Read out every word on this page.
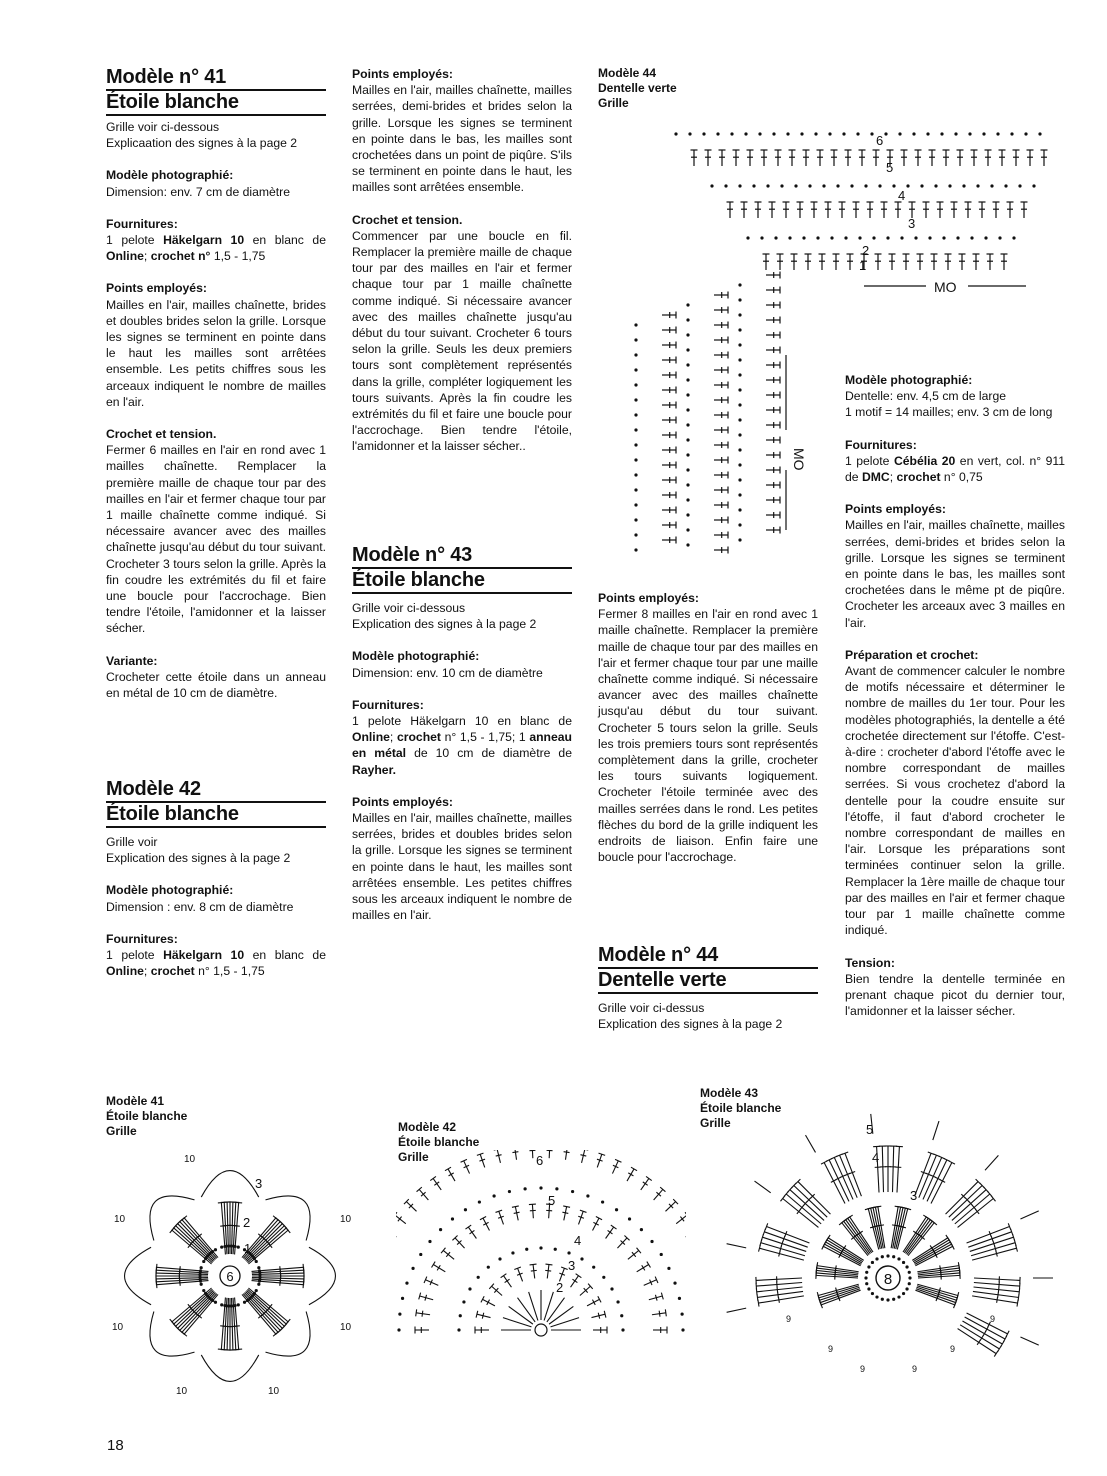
Modèle n° 41
Étoile blanche

Grille voir ci-dessous

Explicaation des signes à la page 2

Modèle photographié:

Dimension: env. 7 cm de diamètre

Fournitures:

1 pelote Häkelgarn 10 en blanc de Online; crochet n° 1,5 - 1,75

Points employés:

Mailles en l'air, mailles chaînette, brides et doubles brides selon la grille. Lorsque les signes se terminent en pointe dans le haut les mailles sont arrêtées ensemble. Les petits chiffres sous les arceaux indiquent le nombre de mailles en l'air.

Crochet et tension.

Fermer 6 mailles en l'air en rond avec 1 mailles chaînette. Remplacer la première maille de chaque tour par des mailles en l'air et fermer chaque tour par 1 maille chaînette comme indiqué. Si nécessaire avancer avec des mailles chaînette jusqu'au début du tour suivant. Crocheter 3 tours selon la grille. Après la fin coudre les extrémités du fil et faire une boucle pour l'accrochage. Bien tendre l'étoile, l'amidonner et la laisser sécher.

Variante:

Crocheter cette étoile dans un anneau en métal de 10 cm de diamètre.

Modèle 42
Étoile blanche

Grille voir

Explication des signes à la page 2

Modèle photographié:

Dimension : env. 8 cm de diamètre

Fournitures:

1 pelote Häkelgarn 10 en blanc de Online; crochet n° 1,5 - 1,75

Points employés:

Mailles en l'air, mailles chaînette, mailles serrées, demi-brides et brides selon la grille. Lorsque les signes se terminent en pointe dans le bas, les mailles sont crochetées dans un point de piqûre. S'ils se terminent en pointe dans le haut, les mailles sont arrêtées ensemble.

Crochet et tension.

Commencer par une boucle en fil. Remplacer la première maille de chaque tour par des mailles en l'air et fermer chaque tour par 1 maille chaînette comme indiqué. Si nécessaire avancer avec des mailles chaînette jusqu'au début du tour suivant. Crocheter 6 tours selon la grille. Seuls les deux premiers tours sont complètement représentés dans la grille, compléter logiquement les tours suivants. Après la fin coudre les extrémités du fil et faire une boucle pour l'accrochage. Bien tendre l'étoile, l'amidonner et la laisser sécher..

Modèle n° 43
Étoile blanche

Grille voir ci-dessous

Explication des signes à la page 2

Modèle photographié:

Dimension: env. 10 cm de diamètre

Fournitures:

1 pelote Häkelgarn 10 en blanc de Online; crochet n° 1,5 - 1,75; 1 anneau en métal de 10 cm de diamètre de Rayher.

Points employés:

Mailles en l'air, mailles chaînette, mailles serrées, brides et doubles brides selon la grille. Lorsque les signes se terminent en pointe dans le haut, les mailles sont arrêtées ensemble. Les petites chiffres sous les arceaux indiquent le nombre de mailles en l'air.

Modèle 44
Dentelle verte
Grille
MO
MO
1
2
3
4
5
6

Points employés:

Fermer 8 mailles en l'air en rond avec 1 maille chaînette. Remplacer la première maille de chaque tour par des mailles en l'air et fermer chaque tour par une maille chaînette comme indiqué. Si nécessaire avancer avec des mailles chaînette jusqu'au début du tour suivant. Crocheter 5 tours selon la grille. Seuls les trois premiers tours sont représentés complètement dans la grille, crocheter les tours suivants logiquement. Crocheter l'étoile terminée avec des mailles serrées dans le rond. Les petites flèches du bord de la grille indiquent les endroits de liaison. Enfin faire une boucle pour l'accrochage.

Modèle n° 44
Dentelle verte

Grille voir ci-dessus

Explication des signes à la page 2

Modèle photographié:

Dentelle: env. 4,5 cm de large

1 motif = 14 mailles; env. 3 cm de long

Fournitures:

1 pelote Cébélia 20 en vert, col. n° 911 de DMC; crochet n° 0,75

Points employés:

Mailles en l'air, mailles chaînette, mailles serrées, demi-brides et brides selon la grille. Lorsque les signes se terminent en pointe dans le bas, les mailles sont crochetées dans le même pt de piqûre. Crocheter les arceaux avec 3 mailles en l'air.

Préparation et crochet:

Avant de commencer calculer le nombre de motifs nécessaire et déterminer le nombre de mailles du 1er tour. Pour les modèles photographiés, la dentelle a été crochetée directement sur l'étoffe. C'est-à-dire : crocheter d'abord l'étoffe avec le nombre correspondant de mailles serrées. Si vous crochetez d'abord la dentelle pour la coudre ensuite sur l'étoffe, il faut d'abord crocheter le nombre correspondant de mailles en l'air. Lorsque les préparations sont terminées continuer selon la grille. Remplacer la 1ère maille de chaque tour par des mailles en l'air et fermer chaque tour par 1 maille chaînette comme indiqué.

Tension:

Bien tendre la dentelle terminée en prenant chaque picot du dernier tour, l'amidonner et la laisser sécher.

Modèle 41
Étoile blanche
Grille	Modèle 42
Étoile blanche
Grille
Modèle 43
Étoile blanche
Grille
6
1
2
3
10
10	10
10	10
10	10
2
3
4
5
6
8
3
4
5
9	9
9	9
9	9
18
